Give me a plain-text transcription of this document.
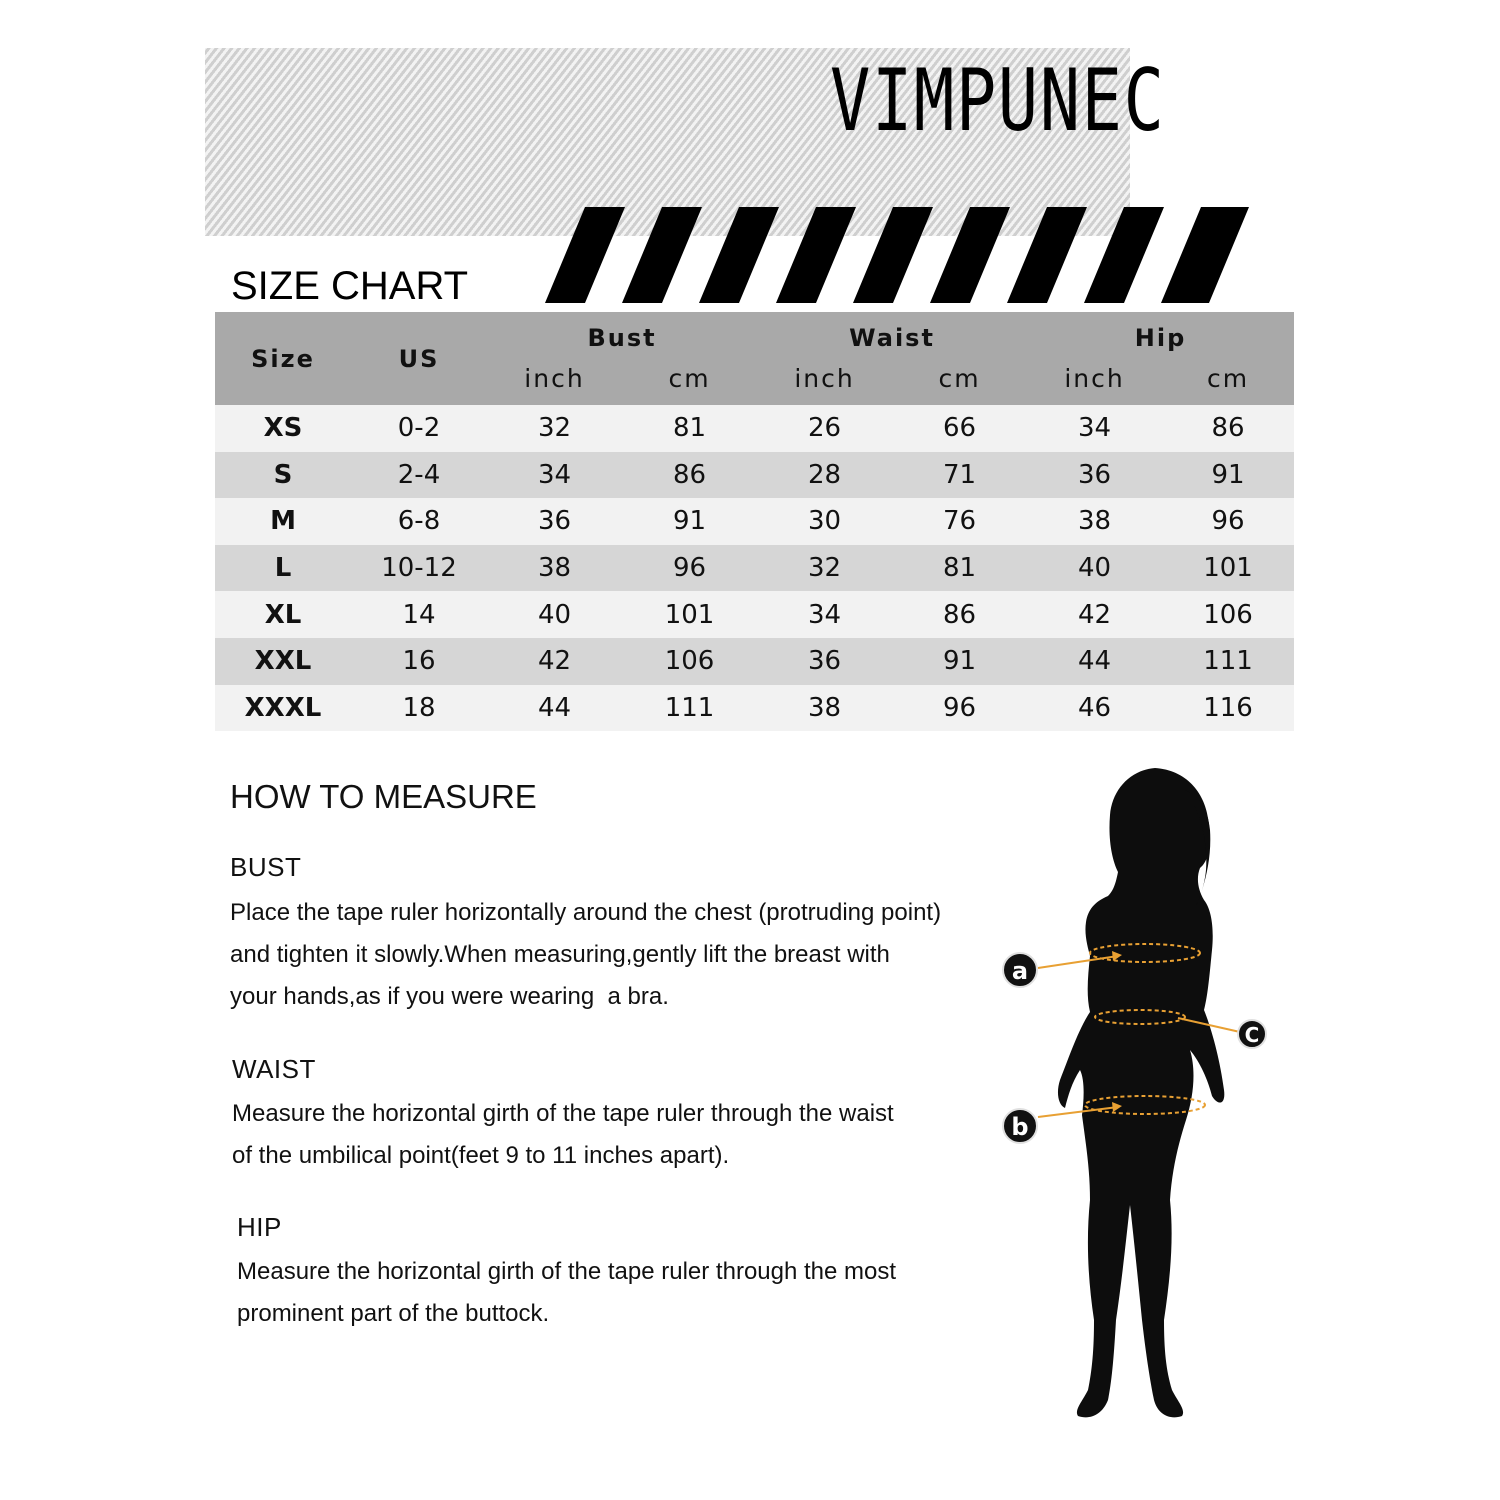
VIMPUNEC
SIZE CHART
Size	US	Bust		Waist		Hip	
		inch	cm	inch	cm	inch	cm
XS	0-2	32	81	26	66	34	86
S	2-4	34	86	28	71	36	91
M	6-8	36	91	30	76	38	96
L	10-12	38	96	32	81	40	101
XL	14	40	101	34	86	42	106
XXL	16	42	106	36	91	44	111
XXXL	18	44	111	38	96	46	116
HOW TO MEASURE
BUST
Place the tape ruler horizontally around the chest (protruding point)
and tighten it slowly.When measuring,gently lift the breast with
your hands,as if you were wearing  a bra.
WAIST
Measure the horizontal girth of the tape ruler through the waist
of the umbilical point(feet 9 to 11 inches apart).
HIP
Measure the horizontal girth of the tape ruler through the most
prominent part of the buttock.
a
C
b
